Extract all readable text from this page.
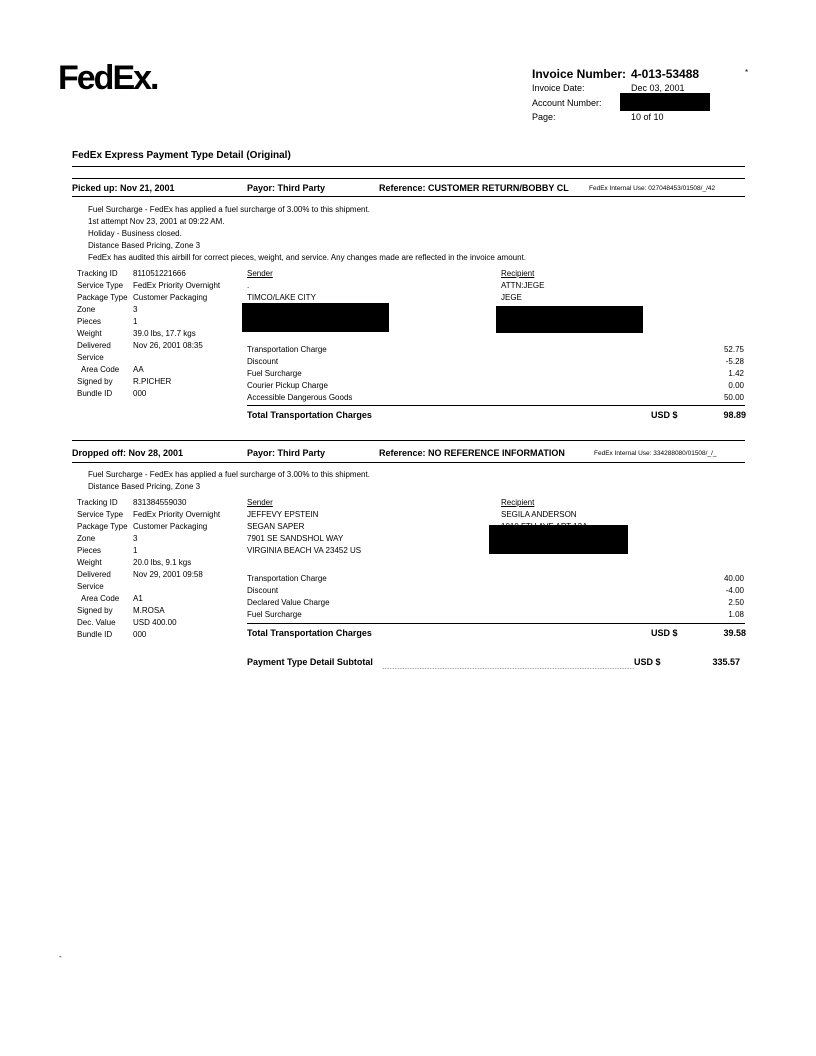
FedEx.	Invoice Number: 4-013-53488	*
Invoice Date:	Dec 03, 2001
Account Number:
Page:	10 of 10
FedEx Express Payment Type Detail (Original)
Picked up: Nov 21, 2001	Payor: Third Party	Reference: CUSTOMER RETURN/BOBBY CL	FedEx Internal Use: 027048453/01508/_/42
Fuel Surcharge - FedEx has applied a fuel surcharge of 3.00% to this shipment.
1st attempt Nov 23, 2001 at 09:22 AM.
Holiday - Business closed.
Distance Based Pricing, Zone 3
FedEx has audited this airbill for correct pieces, weight, and service. Any changes made are reflected in the invoice amount.
Tracking ID 811051221666
Service Type FedEx Priority Overnight
Package Type Customer Packaging
Zone	3
Pieces	1
Weight	39.0 lbs, 17.7 kgs
Delivered	Nov 26, 2001 08:35
Service
Area Code AA
Signed by	R.PICHER
Bundle ID	000
Sender
.
TIMCO/LAKE CITY
Recipient
ATTN:JEGE
JEGE
Transportation Charge	52.75
Discount	-5.28
Fuel Surcharge	1.42
Courier Pickup Charge	0.00
Accessible Dangerous Goods	50.00
Total Transportation Charges	USD $	98.89
Dropped off: Nov 28, 2001	Payor: Third Party	Reference: NO REFERENCE INFORMATION	FedEx Internal Use: 334288080/01508/_/_
Fuel Surcharge - FedEx has applied a fuel surcharge of 3.00% to this shipment.
Distance Based Pricing, Zone 3
Tracking ID 831384559030
Service Type FedEx Priority Overnight
Package Type Customer Packaging
Zone	3
Pieces	1
Weight	20.0 lbs, 9.1 kgs
Delivered	Nov 29, 2001 09:58
Service
Area Code A1
Signed by	M.ROSA
Dec. Value USD 400.00
Bundle ID	000
Sender
JEFFEVY EPSTEIN
SEGAN SAPER
7901 SE SANDSHOL WAY
VIRGINIA BEACH VA 23452 US
Recipient
SEGILA ANDERSON
Transportation Charge	40.00
Discount	-4.00
Declared Value Charge	2.50
Fuel Surcharge	1.08
Total Transportation Charges	USD $	39.58
Payment Type Detail Subtotal .....	USD $	335.57
-
